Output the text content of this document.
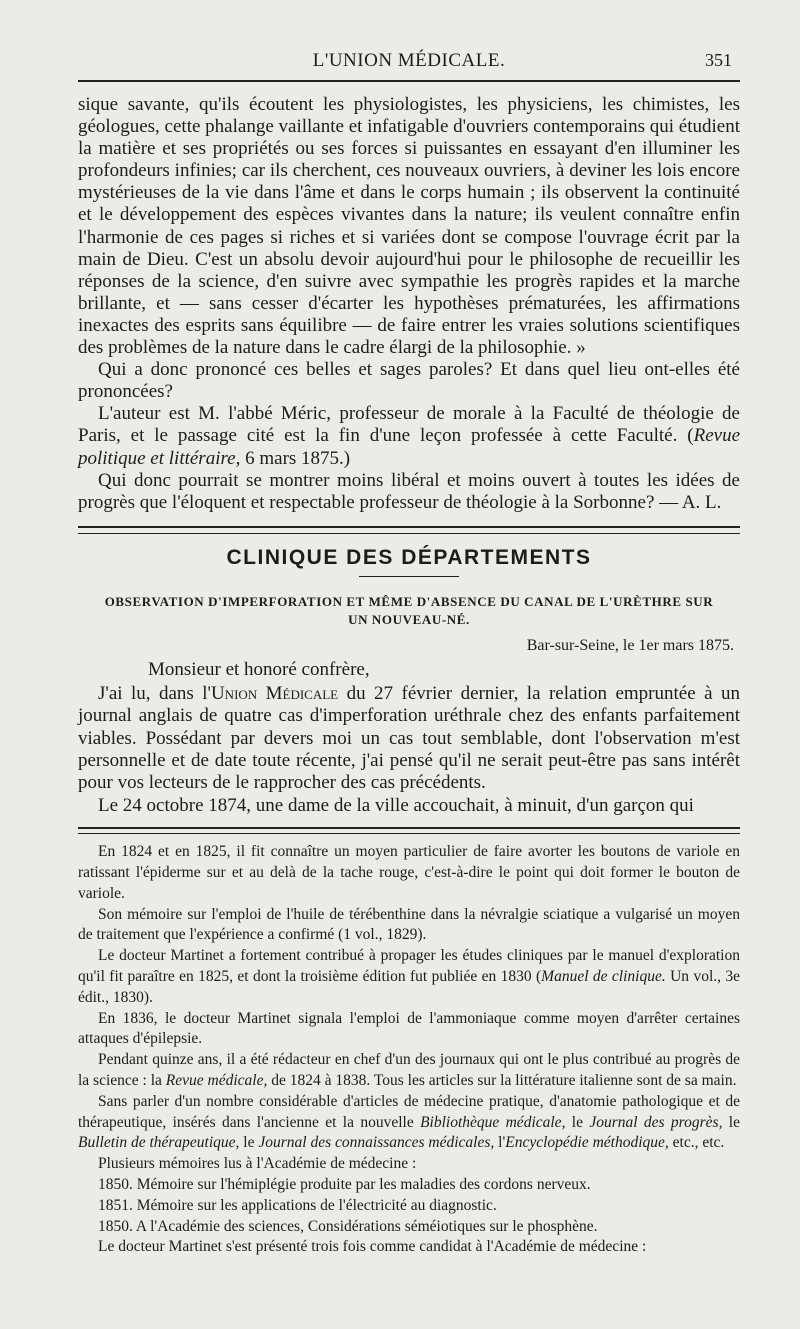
L'UNION MÉDICALE.	351

sique savante, qu'ils écoutent les physiologistes, les physiciens, les chimistes, les géologues, cette phalange vaillante et infatigable d'ouvriers contemporains qui étudient la matière et ses propriétés ou ses forces si puissantes en essayant d'en illuminer les profondeurs infinies; car ils cherchent, ces nouveaux ouvriers, à deviner les lois encore mystérieuses de la vie dans l'âme et dans le corps humain ; ils observent la continuité et le développement des espèces vivantes dans la nature; ils veulent connaître enfin l'harmonie de ces pages si riches et si variées dont se compose l'ouvrage écrit par la main de Dieu. C'est un absolu devoir aujourd'hui pour le philosophe de recueillir les réponses de la science, d'en suivre avec sympathie les progrès rapides et la marche brillante, et — sans cesser d'écarter les hypothèses prématurées, les affirmations inexactes des esprits sans équilibre — de faire entrer les vraies solutions scientifiques des problèmes de la nature dans le cadre élargi de la philosophie. »

Qui a donc prononcé ces belles et sages paroles? Et dans quel lieu ont-elles été prononcées?

L'auteur est M. l'abbé Méric, professeur de morale à la Faculté de théologie de Paris, et le passage cité est la fin d'une leçon professée à cette Faculté. (Revue politique et littéraire, 6 mars 1875.)

Qui donc pourrait se montrer moins libéral et moins ouvert à toutes les idées de progrès que l'éloquent et respectable professeur de théologie à la Sorbonne? — A. L.

CLINIQUE DES DÉPARTEMENTS
OBSERVATION D'IMPERFORATION ET MÊME D'ABSENCE DU CANAL DE L'URÈTHRE SUR
UN NOUVEAU-NÉ.
Bar-sur-Seine, le 1er mars 1875.
Monsieur et honoré confrère,

J'ai lu, dans l'Union Médicale du 27 février dernier, la relation empruntée à un journal anglais de quatre cas d'imperforation uréthrale chez des enfants parfaitement viables. Possédant par devers moi un cas tout semblable, dont l'observation m'est personnelle et de date toute récente, j'ai pensé qu'il ne serait peut-être pas sans intérêt pour vos lecteurs de le rapprocher des cas précédents.

Le 24 octobre 1874, une dame de la ville accouchait, à minuit, d'un garçon qui

En 1824 et en 1825, il fit connaître un moyen particulier de faire avorter les boutons de variole en ratissant l'épiderme sur et au delà de la tache rouge, c'est-à-dire le point qui doit former le bouton de variole.

Son mémoire sur l'emploi de l'huile de térébenthine dans la névralgie sciatique a vulgarisé un moyen de traitement que l'expérience a confirmé (1 vol., 1829).

Le docteur Martinet a fortement contribué à propager les études cliniques par le manuel d'exploration qu'il fit paraître en 1825, et dont la troisième édition fut publiée en 1830 (Manuel de clinique. Un vol., 3e édit., 1830).

En 1836, le docteur Martinet signala l'emploi de l'ammoniaque comme moyen d'arrêter certaines attaques d'épilepsie.

Pendant quinze ans, il a été rédacteur en chef d'un des journaux qui ont le plus contribué au progrès de la science : la Revue médicale, de 1824 à 1838. Tous les articles sur la littérature italienne sont de sa main.

Sans parler d'un nombre considérable d'articles de médecine pratique, d'anatomie pathologique et de thérapeutique, insérés dans l'ancienne et la nouvelle Bibliothèque médicale, le Journal des progrès, le Bulletin de thérapeutique, le Journal des connaissances médicales, l'Encyclopédie méthodique, etc., etc.

Plusieurs mémoires lus à l'Académie de médecine :

1850. Mémoire sur l'hémiplégie produite par les maladies des cordons nerveux.

1851. Mémoire sur les applications de l'électricité au diagnostic.

1850. A l'Académie des sciences, Considérations séméiotiques sur le phosphène.

Le docteur Martinet s'est présenté trois fois comme candidat à l'Académie de médecine :
